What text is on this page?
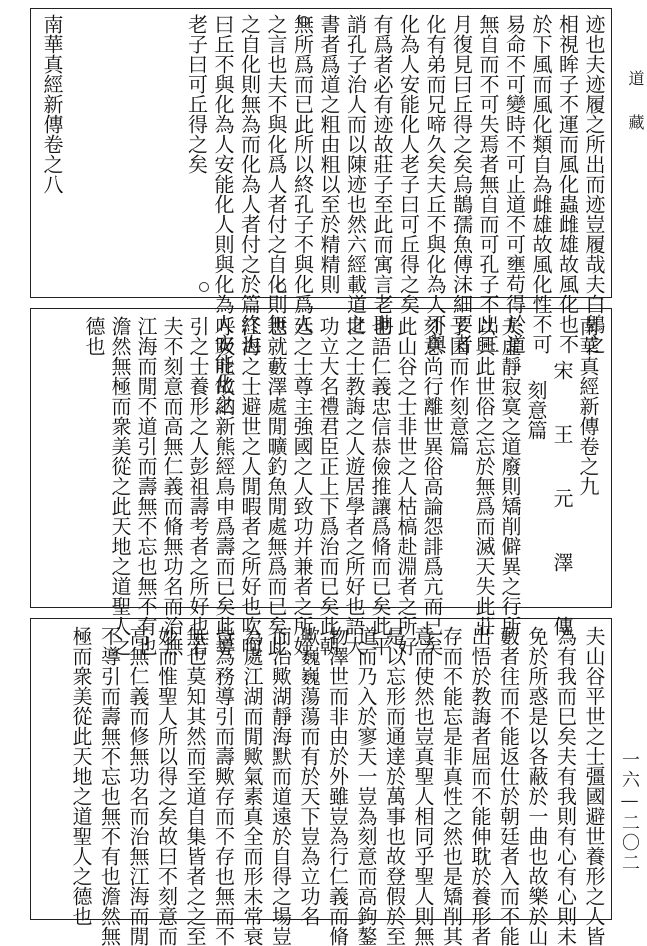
道　藏
一六—二〇二
迹也夫迹履之所出而迹豈履哉夫白鶂之
相視眸子不運而風化蟲雌雄故風化也不
於下風而風化類自為雌雄故風化性不可
易命不可變時不可止道不可壅苟得於道
無自而不可失焉者無自而可孔子不出三
月復見曰丘得之矣烏鵲孺魚傅沫細要者
化有弟而兄啼久矣夫丘不與化為人不與
化為人安能化人老子曰可丘得之矣
有爲者必有迹故莊子至此而寓言老聃
誚孔子治人而以陳迹也然六經載道之
書者爲道之粗由粗以至於精精則
無所爲而已此所以終孔子不與化爲人
之言也夫不與化爲人者付之自化則無
之自化則無為而化為人者付之於篇終也
曰丘不與化為人安能化人則與化為人安能化之
老子曰可丘得之矣
南華真經新傳卷之八
夫虛靜寂寞之道廢則矯削僻異之行所
以興此世俗之忘於無爲而滅天失此莊
子因而作刻意篇
刻意尚行離世異俗高論怨誹爲亢而已矣
此山谷之士非世之人枯槁赴淵者之所好
也語仁義忠信恭儉推讓爲脩而已矣此平
世之士教誨之人遊居學者之所好也語大
功立大名禮君臣正上下爲治而已矣此朝
廷之士尊主強國之人致功并兼者之所好
也就藪澤處閒曠釣魚閒處無爲而已矣此
江海之士避世之人閒暇者之所好也吹呴
呼吸吐故納新熊經鳥申爲壽而已矣此導
引之士養形之人彭祖壽考者之所好也若
夫不刻意而高無仁義而脩無功名而治無
江海而閒不道引而壽無不忘也無不有也
澹然無極而衆美從之此天地之道聖人之
德也	南華真經新傳卷之九
宋　王　元　澤　傳
刻意篇
夫山谷平世之士彊國避世養形之人皆
為有我而巳矣夫有我則有心有心則未
免於所惑是以各蔽於一曲也故樂於山
藪者往而不能返仕於朝廷者入而不能
出悟於教誨者屈而不能伸耽於養形者
存而不能忘是非真性之然也是矯削其
意而使然也豈真聖人相同乎聖人則無
是以忘形而通達於萬事也故登假於至
道而乃入於寥天一豈為刻意而高鉤鏊
物澤世而非由於外雖豈為行仁義而脩
歟巍巍蕩蕩而有於天下豈為立功名
而治歟湖靜海默而道遠於自得之場豈
為處江湖而閒歟氣素真全而形未常衰
豈為務導引而壽歟存而不存也無而不
無也莫知其然而至道自集皆者之之至
妙而惟聖人所以得之矣故曰不刻意而
高無仁義而修無功名而治無江海而閒
不導引而壽無不忘也無不有也澹然無
極而衆美從此天地之道聖人之德也
